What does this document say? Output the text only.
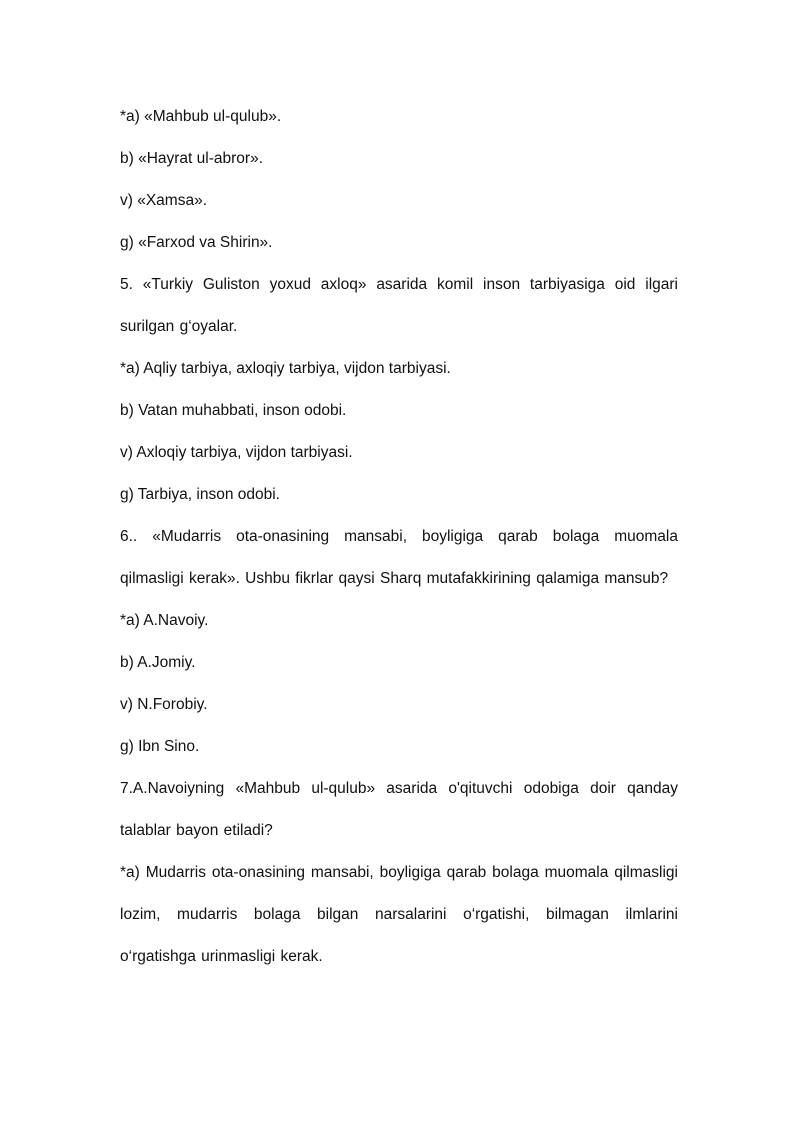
*a) «Mahbub ul-qulub».

b) «Hayrat ul-abror».

v) «Xamsa».

g) «Farxod va Shirin».

5. «Turkiy Guliston yoxud axloq» asarida komil inson tarbiyasiga oid ilgari surilgan g‘oyalar.

*a) Aqliy tarbiya, axloqiy tarbiya, vijdon tarbiyasi.

b) Vatan muhabbati, inson odobi.

v) Axloqiy tarbiya, vijdon tarbiyasi.

g) Tarbiya, inson odobi.

6.. «Mudarris ota-onasining mansabi, boyligiga qarab bolaga muomala qilmasligi kerak». Ushbu fikrlar qaysi Sharq mutafakkirining qalamiga mansub?

*a) A.Navoiy.

b) A.Jomiy.

v) N.Forobiy.

g) Ibn Sino.

7.A.Navoiyning «Mahbub ul-qulub» asarida o'qituvchi odobiga doir qanday talablar bayon etiladi?

*a) Mudarris ota-onasining mansabi, boyligiga qarab bolaga muomala qilmasligi lozim, mudarris bolaga bilgan narsalarini o‘rgatishi, bilmagan ilmlarini o‘rgatishga urinmasligi kerak.
